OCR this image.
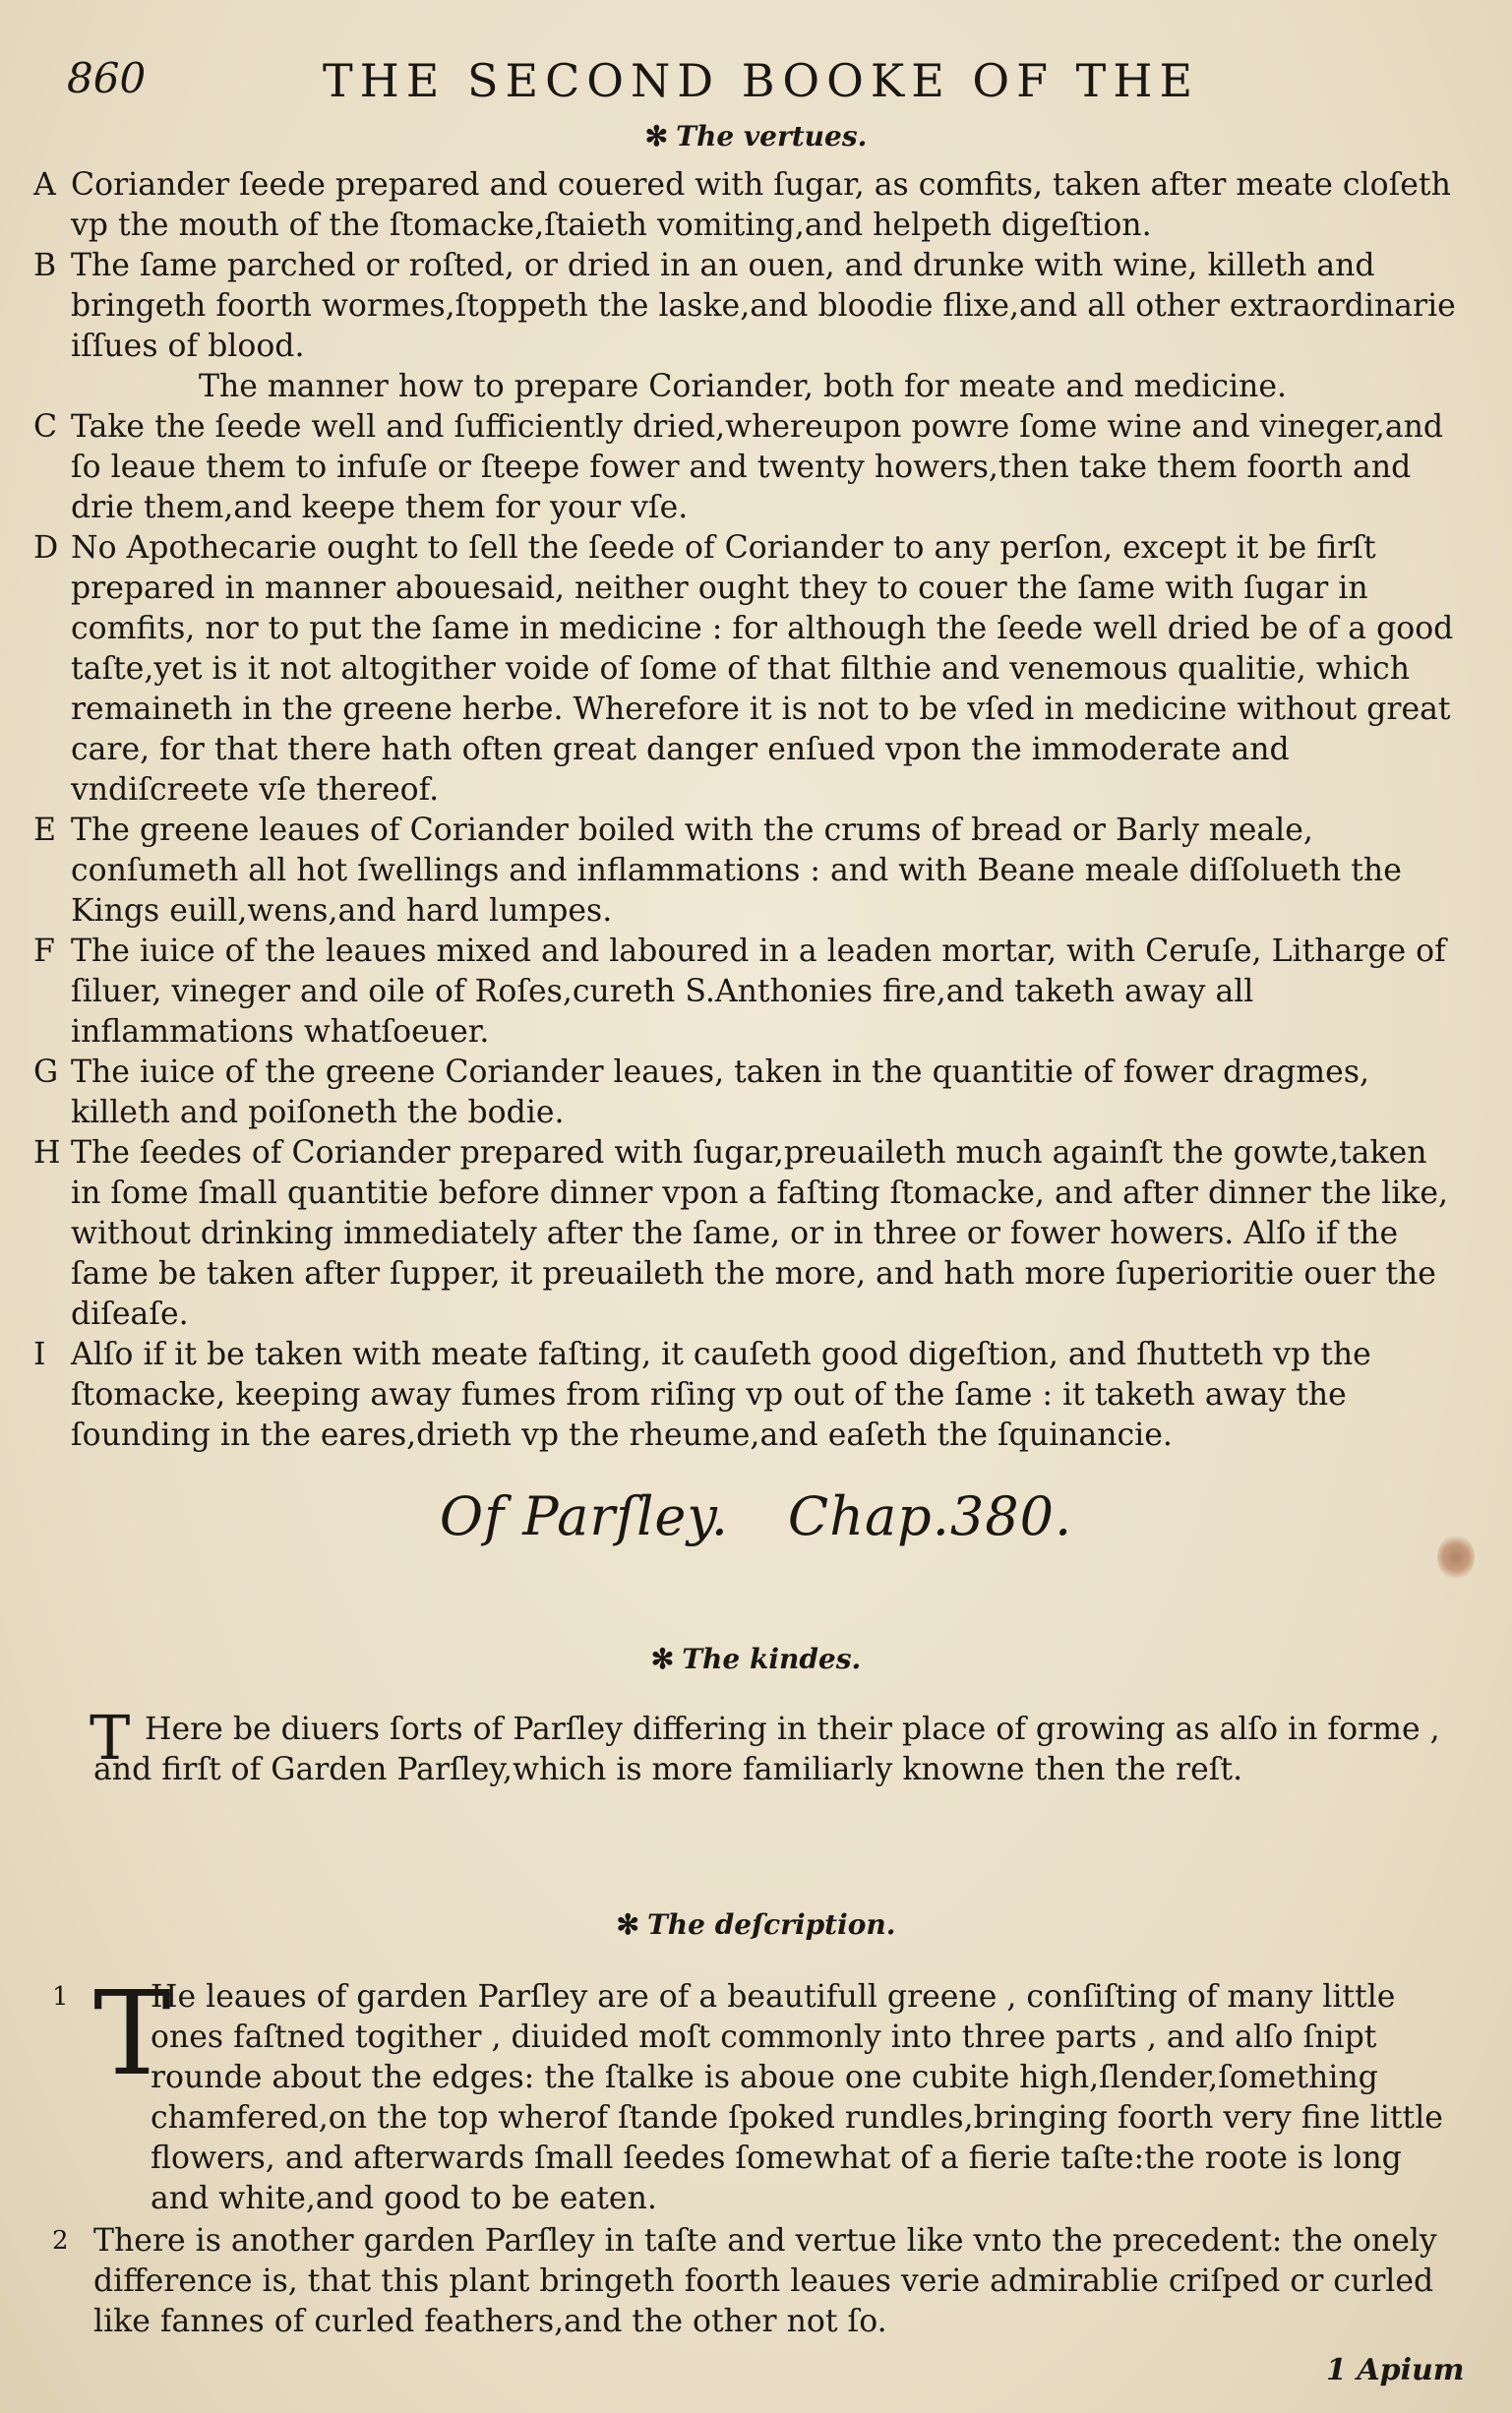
860	THE SECOND BOOKE OF THE
✻ The vertues.
A Coriander ſeede prepared and couered with ſugar, as comfits, taken after meate cloſeth vp the mouth of the ſtomacke,ſtaieth vomiting,and helpeth digeſtion.
B The ſame parched or roſted, or dried in an ouen, and drunke with wine, killeth and bringeth foorth wormes,ſtoppeth the laske,and bloodie flixe,and all other extraordinarie iſſues of blood.
The manner how to prepare Coriander, both for meate and medicine.
C Take the ſeede well and ſufficiently dried,whereupon powre ſome wine and vineger,and ſo leaue them to infuſe or ſteepe fower and twenty howers,then take them foorth and drie them,and keepe them for your vſe.
D No Apothecarie ought to ſell the ſeede of Coriander to any perſon, except it be firſt prepared in manner abouesaid, neither ought they to couer the ſame with ſugar in comfits, nor to put the ſame in medicine : for although the ſeede well dried be of a good taſte,yet is it not altogither voide of ſome of that filthie and venemous qualitie, which remaineth in the greene herbe. Wherefore it is not to be vſed in medicine without great care, for that there hath often great danger enſued vpon the immoderate and vndiſcreete vſe thereof.
E The greene leaues of Coriander boiled with the crums of bread or Barly meale, conſumeth all hot ſwellings and inflammations : and with Beane meale diſſolueth the Kings euill,wens,and hard lumpes.
F The iuice of the leaues mixed and laboured in a leaden mortar, with Ceruſe, Litharge of ſiluer, vineger and oile of Roſes,cureth S.Anthonies fire,and taketh away all inflammations whatſoeuer.
G The iuice of the greene Coriander leaues, taken in the quantitie of fower dragmes, killeth and poiſoneth the bodie.
H The ſeedes of Coriander prepared with ſugar,preuaileth much againſt the gowte,taken in ſome ſmall quantitie before dinner vpon a faſting ſtomacke, and after dinner the like, without drinking immediately after the ſame, or in three or fower howers. Alſo if the ſame be taken after ſupper, it preuaileth the more, and hath more ſuperioritie ouer the diſeaſe.
I Alſo if it be taken with meate faſting, it cauſeth good digeſtion, and ſhutteth vp the ſtomacke, keeping away fumes from riſing vp out of the ſame : it taketh away the ſounding in the eares,drieth vp the rheume,and eaſeth the ſquinancie.
Of Parſley. Chap.380.
✻ The kindes.
T Here be diuers ſorts of Parſley differing in their place of growing as alſo in forme , and firſt of Garden Parſley,which is more familiarly knowne then the reſt.
✻ The deſcription.
1 T
He leaues of garden Parſley are of a beautifull greene , conſiſting of many little ones faſtned togither , diuided moſt commonly into three parts , and alſo ſnipt rounde about the edges: the ſtalke is aboue one cubite high,ſlender,ſomething chamfered,on the top wherof ſtande ſpoked rundles,bringing foorth very fine little flowers, and afterwards ſmall ſeedes ſomewhat of a fierie taſte:the roote is long and white,and good to be eaten.
2 There is another garden Parſley in taſte and vertue like vnto the precedent: the onely difference is, that this plant bringeth foorth leaues verie admirablie criſped or curled like fannes of curled feathers,and the other not ſo.
1 Apium
